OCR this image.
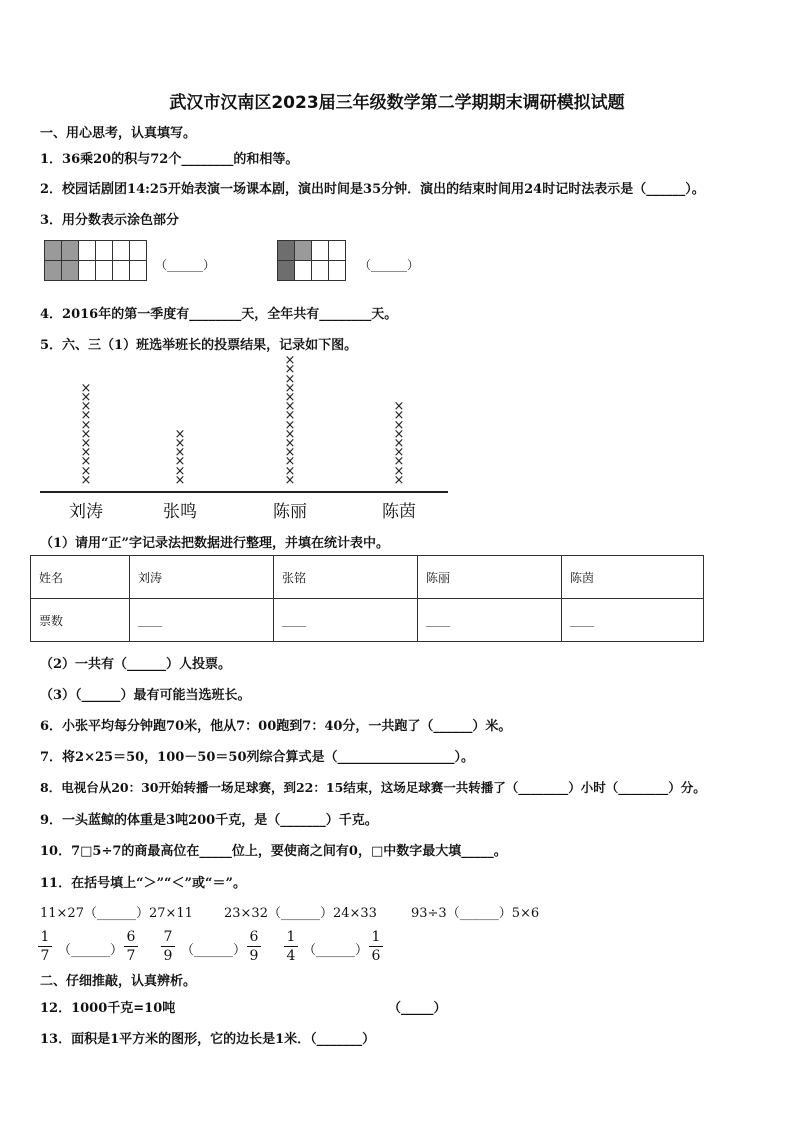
武汉市汉南区2023届三年级数学第二学期期末调研模拟试题
一、用心思考，认真填写。
1．36乘20的积与72个________的和相等。
2．校园话剧团14:25开始表演一场课本剧，演出时间是35分钟．演出的结束时间用24时记时法表示是（______）。
3．用分数表示涂色部分

（______）

				（______）
4．2016年的第一季度有________天，全年共有________天。
5．六、三（1）班选举班长的投票结果，记录如下图。
×
×
×
×
×
×
×
×
×
×
×
刘涛
×
×
×
×
×
×
张鸣
×
×
×
×
×
×
×
×
×
×
×
×
×
×
陈丽
×
×
×
×
×
×
×
×
×
陈茵
（1）请用“正”字记录法把数据进行整理，并填在统计表中。
姓名	刘涛	张铭	陈丽	陈茵
票数	____	____	____	____
（2）一共有（______）人投票。
（3）（______）最有可能当选班长。
6．小张平均每分钟跑70米，他从7：00跑到7：40分，一共跑了（______）米。
7．将2×25＝50，100－50＝50列综合算式是（__________________）。
8．电视台从20：30开始转播一场足球赛，到22：15结束，这场足球赛一共转播了（________）小时（________）分。
9．一头蓝鲸的体重是3吨200千克，是（_______）千克。
10．7□5÷7的商最高位在_____位上，要使商之间有0，□中数字最大填_____。
11．在括号填上“＞”“＜”或“＝”。
11×27（______）27×11 23×32（______）24×33	93÷3（______）5×6
$\frac{1}{7}$ （______） $\frac{6}{7} \frac{7}{9}$ （______） $\frac{6}{9} \frac{1}{4}$ （______） $\frac{1}{6}$
二、仔细推敲，认真辨析。
12．1000千克=10吨	（_____）
13．面积是1平方米的图形，它的边长是1米．（_______）
